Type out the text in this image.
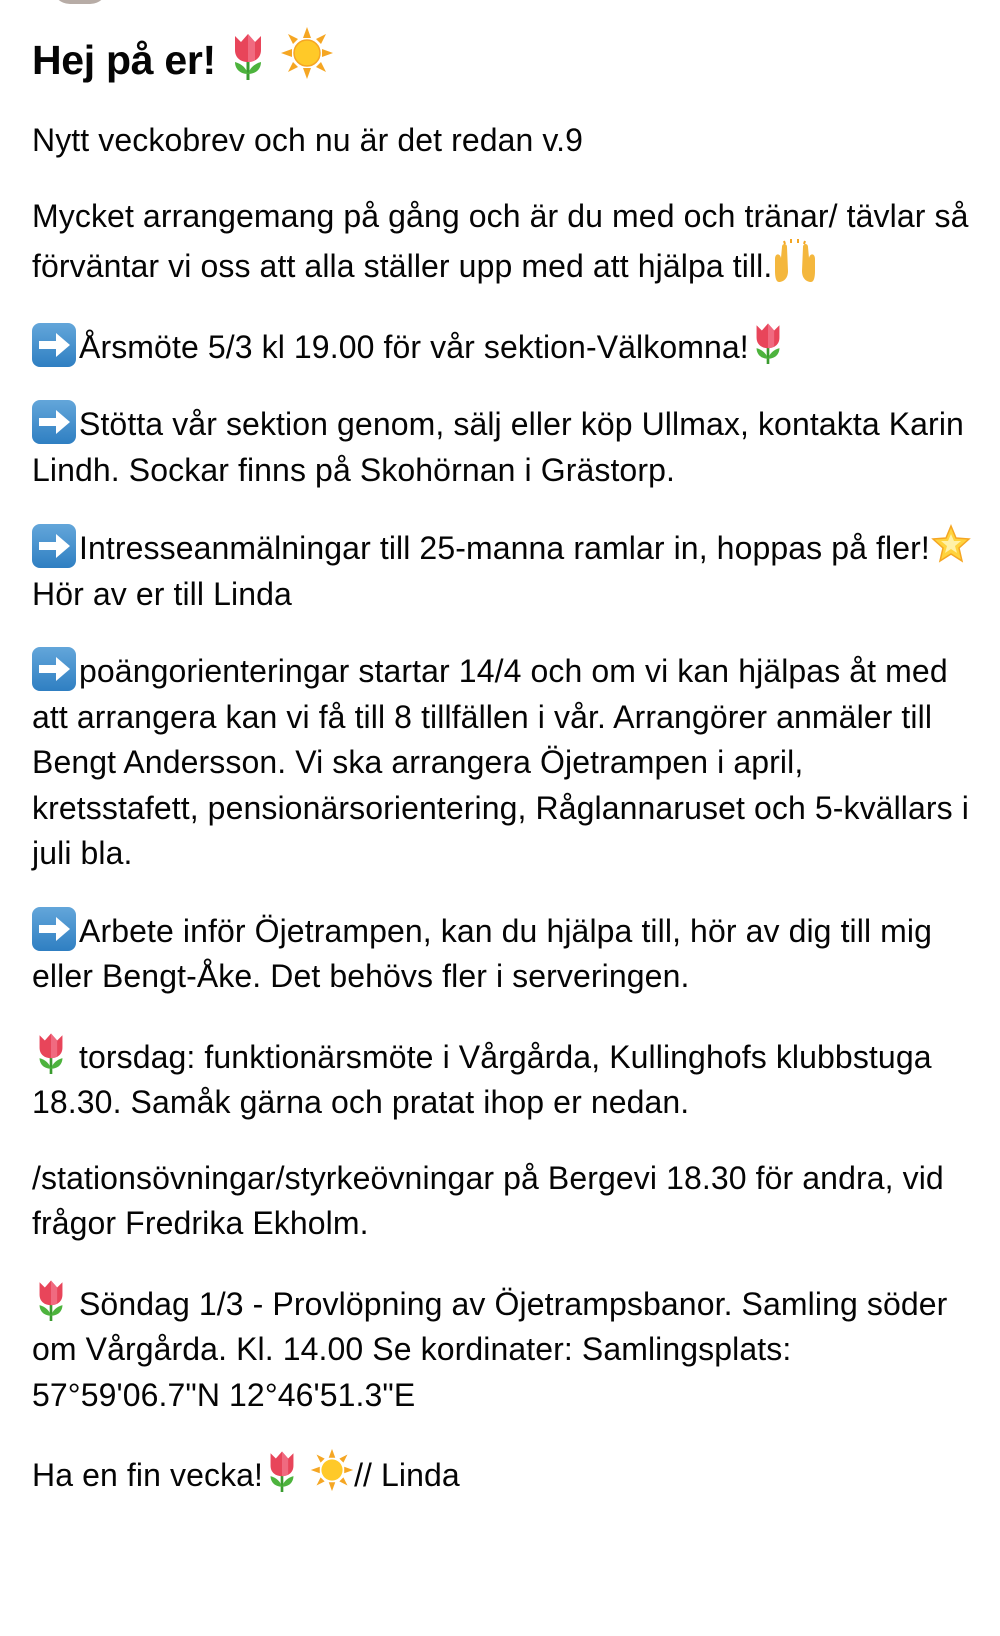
Hej på er!

Nytt veckobrev och nu är det redan v.9

Mycket arrangemang på gång och är du med och tränar/ tävlar så förväntar vi oss att alla ställer upp med att hjälpa till.

Årsmöte 5/3 kl 19.00 för vår sektion-Välkomna!

Stötta vår sektion genom, sälj eller köp Ullmax, kontakta Karin Lindh. Sockar finns på Skohörnan i Grästorp.

Intresseanmälningar till 25-manna ramlar in, hoppas på fler! Hör av er till Linda

poängorienteringar startar 14/4 och om vi kan hjälpas åt med att arrangera kan vi få till 8 tillfällen i vår. Arrangörer anmäler till Bengt Andersson. Vi ska arrangera Öjetrampen i april, kretsstafett, pensionärsorientering, Råglannaruset och 5-kvällars i juli bla.

Arbete inför Öjetrampen, kan du hjälpa till, hör av dig till mig eller Bengt-Åke. Det behövs fler i serveringen.

torsdag: funktionärsmöte i Vårgårda, Kullinghofs klubbstuga 18.30. Samåk gärna och pratat ihop er nedan.

/stationsövningar/styrkeövningar på Bergevi 18.30 för andra, vid frågor Fredrika Ekholm.

Söndag 1/3 - Provlöpning av Öjetrampsbanor. Samling söder om Vårgårda. Kl. 14.00 Se kordinater: Samlingsplats: 57°59'06.7"N 12°46'51.3"E

Ha en fin vecka!	// Linda
